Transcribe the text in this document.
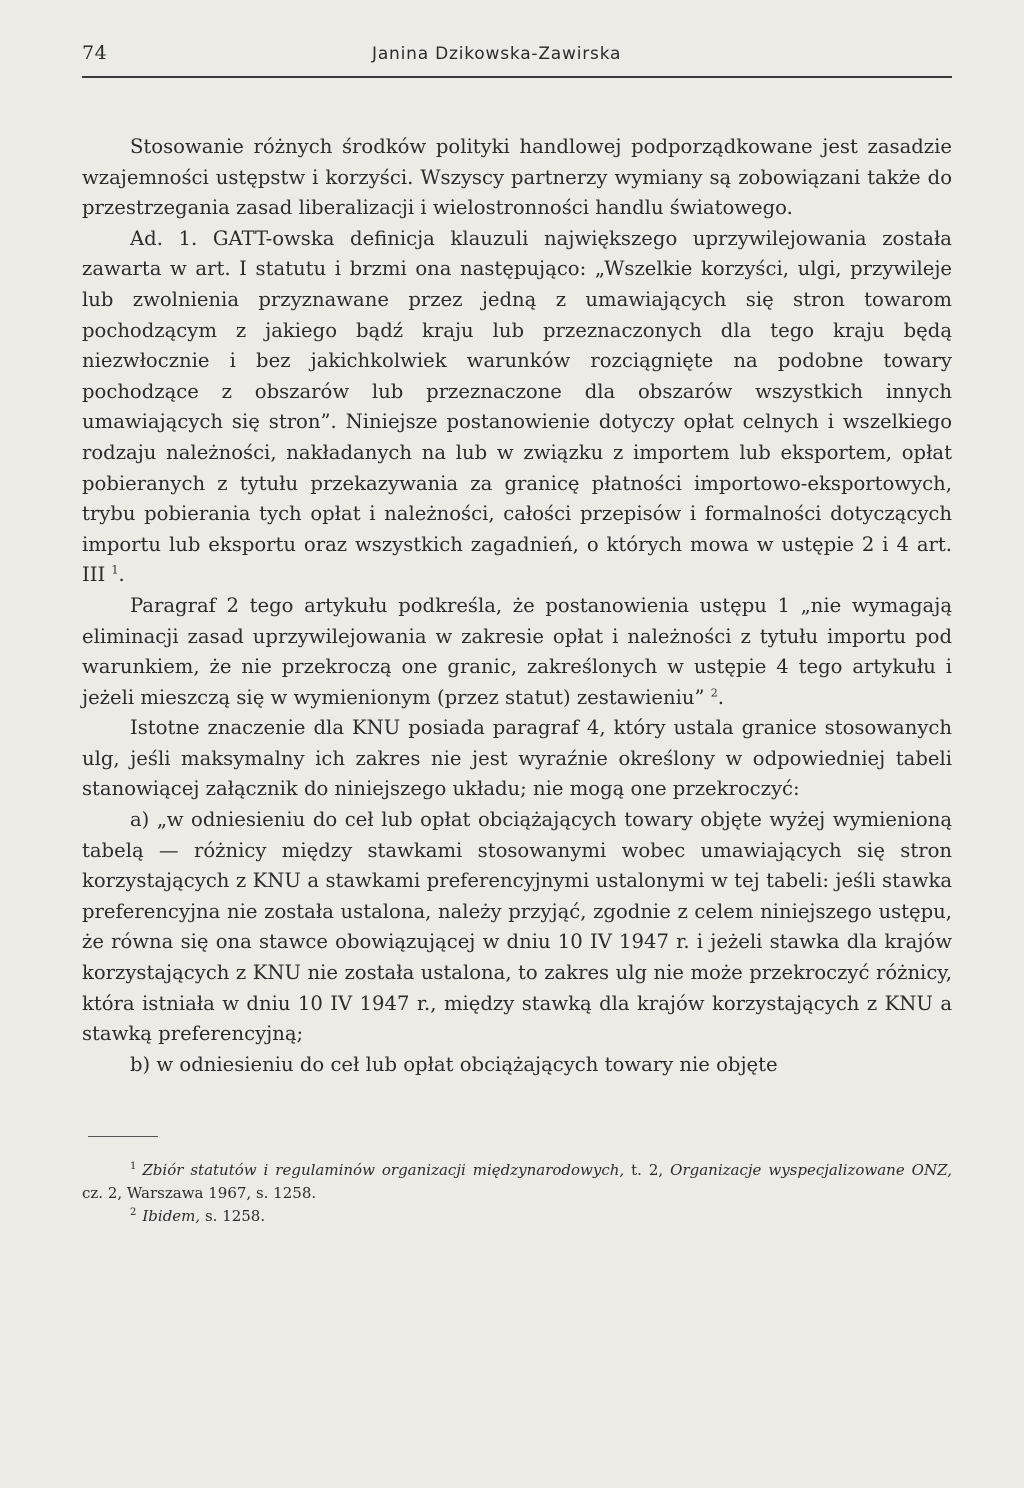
74	Janina Dzikowska-Zawirska

Stosowanie różnych środków polityki handlowej podporządkowane jest zasadzie wzajemności ustępstw i korzyści. Wszyscy partnerzy wymiany są zobowiązani także do przestrzegania zasad liberalizacji i wielostronności handlu światowego.

Ad. 1. GATT-owska definicja klauzuli największego uprzywilejowania została zawarta w art. I statutu i brzmi ona następująco: „Wszelkie korzyści, ulgi, przywileje lub zwolnienia przyznawane przez jedną z umawiających się stron towarom pochodzącym z jakiego bądź kraju lub przeznaczonych dla tego kraju będą niezwłocznie i bez jakichkolwiek warunków rozciągnięte na podobne towary pochodzące z obszarów lub przeznaczone dla obszarów wszystkich innych umawiających się stron”. Niniejsze postanowienie dotyczy opłat celnych i wszelkiego rodzaju należności, nakładanych na lub w związku z importem lub eksportem, opłat pobieranych z tytułu przekazywania za granicę płatności importowo-eksportowych, trybu pobierania tych opłat i należności, całości przepisów i formalności dotyczących importu lub eksportu oraz wszystkich zagadnień, o których mowa w ustępie 2 i 4 art. III $^1$.

Paragraf 2 tego artykułu podkreśla, że postanowienia ustępu 1 „nie wymagają eliminacji zasad uprzywilejowania w zakresie opłat i należności z tytułu importu pod warunkiem, że nie przekroczą one granic, zakreślonych w ustępie 4 tego artykułu i jeżeli mieszczą się w wymienionym (przez statut) zestawieniu” $^2$.

Istotne znaczenie dla KNU posiada paragraf 4, który ustala granice stosowanych ulg, jeśli maksymalny ich zakres nie jest wyraźnie określony w odpowiedniej tabeli stanowiącej załącznik do niniejszego układu; nie mogą one przekroczyć:

a) „w odniesieniu do ceł lub opłat obciążających towary objęte wyżej wymienioną tabelą — różnicy między stawkami stosowanymi wobec umawiających się stron korzystających z KNU a stawkami preferencyjnymi ustalonymi w tej tabeli: jeśli stawka preferencyjna nie została ustalona, należy przyjąć, zgodnie z celem niniejszego ustępu, że równa się ona stawce obowiązującej w dniu 10 IV 1947 r. i jeżeli stawka dla krajów korzystających z KNU nie została ustalona, to zakres ulg nie może przekroczyć różnicy, która istniała w dniu 10 IV 1947 r., między stawką dla krajów korzystających z KNU a stawką preferencyjną;

b) w odniesieniu do ceł lub opłat obciążających towary nie objęte

$^1$ Zbiór statutów i regulaminów organizacji międzynarodowych, t. 2, Organizacje wyspecjalizowane ONZ, cz. 2, Warszawa 1967, s. 1258.

$^2$ Ibidem, s. 1258.
